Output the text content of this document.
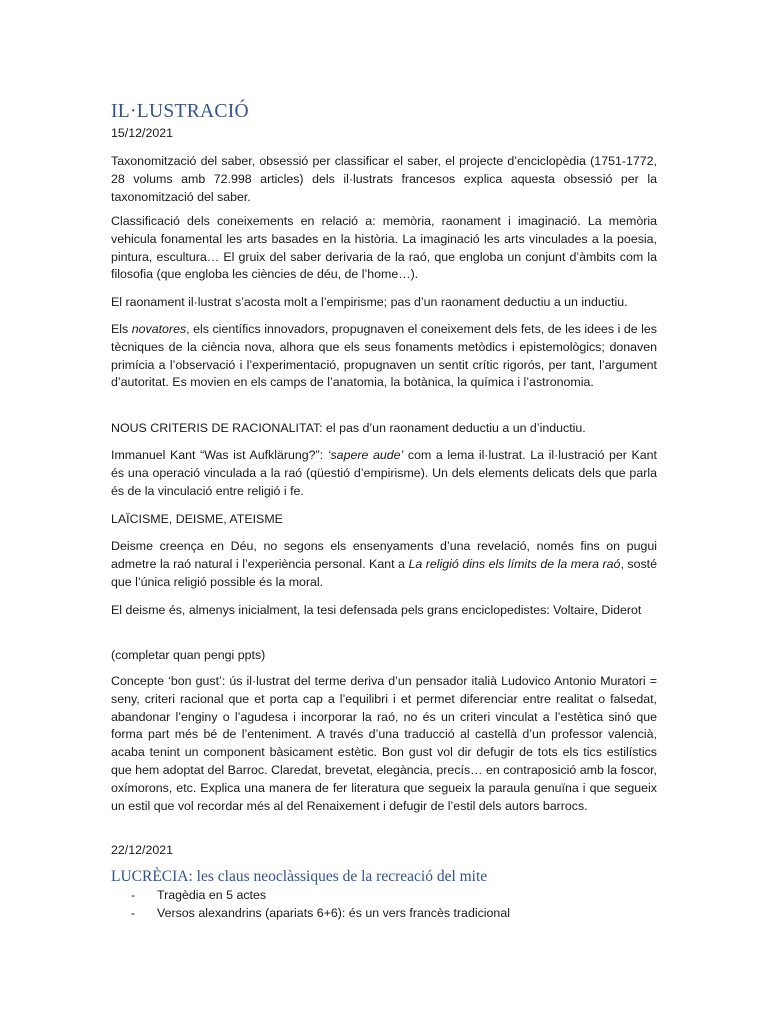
IL·LUSTRACIÓ

15/12/2021

Taxonomització del saber, obsessió per classificar el saber, el projecte d’enciclopèdia (1751-1772, 28 volums amb 72.998 articles) dels il·lustrats francesos explica aquesta obsessió per la taxonomització del saber.

Classificació dels coneixements en relació a: memòria, raonament i imaginació. La memòria vehicula fonamental les arts basades en la història. La imaginació les arts vinculades a la poesia, pintura, escultura… El gruix del saber derivaria de la raó, que engloba un conjunt d’àmbits com la filosofia (que engloba les ciències de déu, de l’home…).

El raonament il·lustrat s’acosta molt a l’empirisme; pas d’un raonament deductiu a un inductiu.

Els novatores, els científics innovadors, propugnaven el coneixement dels fets, de les idees i de les tècniques de la ciència nova, alhora que els seus fonaments metòdics i epistemològics; donaven primícia a l’observació i l’experimentació, propugnaven un sentit crític rigorós, per tant, l’argument d’autoritat. Es movien en els camps de l’anatomia, la botànica, la química i l’astronomia.

NOUS CRITERIS DE RACIONALITAT: el pas d’un raonament deductiu a un d’inductiu.

Immanuel Kant “Was ist Aufklärung?”: ‘sapere aude’ com a lema il·lustrat. La il·lustració per Kant és una operació vinculada a la raó (qüestió d’empirisme). Un dels elements delicats dels que parla és de la vinculació entre religió i fe.

LAÏCISME, DEISME, ATEISME

Deisme creença en Déu, no segons els ensenyaments d’una revelació, només fins on pugui admetre la raó natural i l’experiència personal. Kant a La religió dins els límits de la mera raó, sosté que l’única religió possible és la moral.

El deisme és, almenys inicialment, la tesi defensada pels grans enciclopedistes: Voltaire, Diderot

(completar quan pengi ppts)

Concepte ‘bon gust’: ús il·lustrat del terme deriva d’un pensador italià Ludovico Antonio Muratori = seny, criteri racional que et porta cap a l’equilibri i et permet diferenciar entre realitat o falsedat, abandonar l’enginy o l’agudesa i incorporar la raó, no és un criteri vinculat a l’estètica sinó que forma part més bé de l’enteniment. A través d’una traducció al castellà d’un professor valencià, acaba tenint un component bàsicament estètic. Bon gust vol dir defugir de tots els tics estilístics que hem adoptat del Barroc. Claredat, brevetat, elegància, precís… en contraposició amb la foscor, oxímorons, etc. Explica una manera de fer literatura que segueix la paraula genuïna i que segueix un estil que vol recordar més al del Renaixement i defugir de l’estil dels autors barrocs.

22/12/2021

LUCRÈCIA: les claus neoclàssiques de la recreació del mite
- Tragèdia en 5 actes
- Versos alexandrins (apariats 6+6): és un vers francès tradicional
